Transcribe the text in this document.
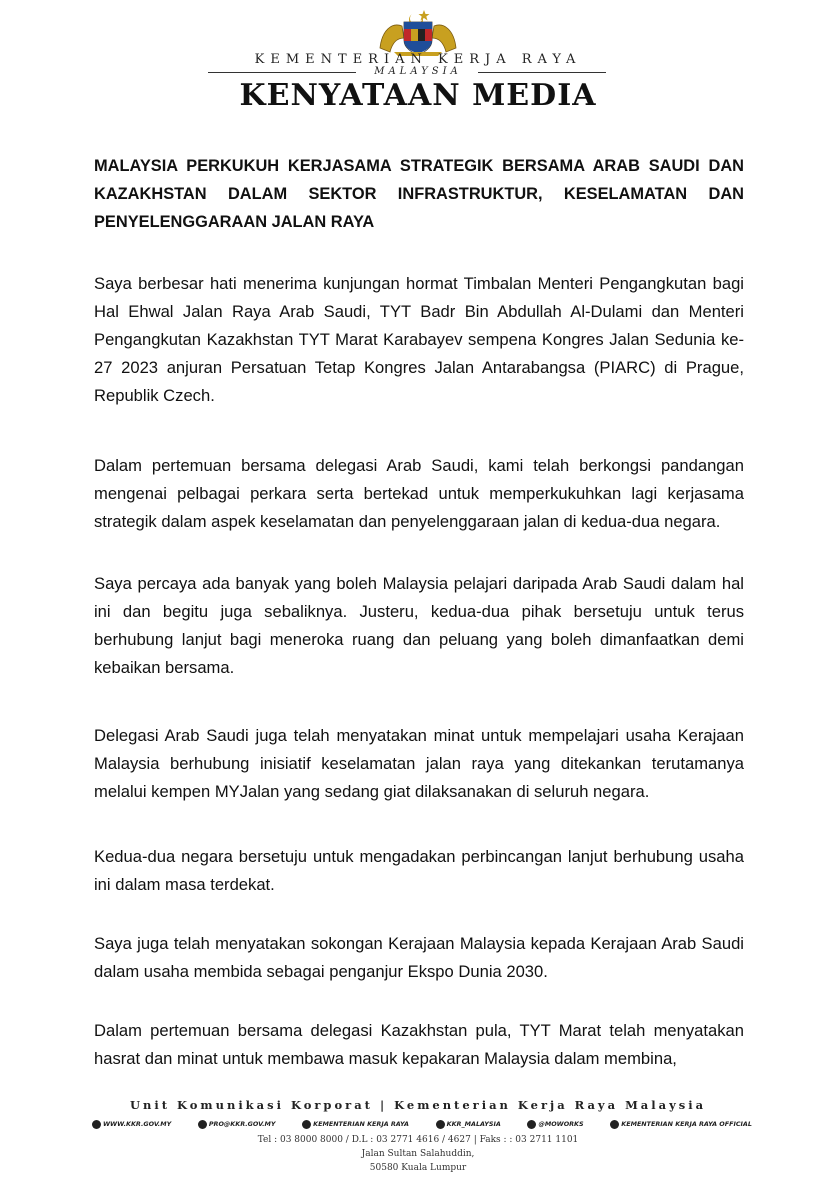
KEMENTERIAN KERJA RAYA
MALAYSIA
KENYATAAN MEDIA
MALAYSIA PERKUKUH KERJASAMA STRATEGIK BERSAMA ARAB SAUDI DAN KAZAKHSTAN DALAM SEKTOR INFRASTRUKTUR, KESELAMATAN DAN PENYELENGGARAAN JALAN RAYA

Saya berbesar hati menerima kunjungan hormat Timbalan Menteri Pengangkutan bagi Hal Ehwal Jalan Raya Arab Saudi, TYT Badr Bin Abdullah Al-Dulami dan Menteri Pengangkutan Kazakhstan TYT Marat Karabayev sempena Kongres Jalan Sedunia ke-27 2023 anjuran Persatuan Tetap Kongres Jalan Antarabangsa (PIARC) di Prague, Republik Czech.

Dalam pertemuan bersama delegasi Arab Saudi, kami telah berkongsi pandangan mengenai pelbagai perkara serta bertekad untuk memperkukuhkan lagi kerjasama strategik dalam aspek keselamatan dan penyelenggaraan jalan di kedua-dua negara.

Saya percaya ada banyak yang boleh Malaysia pelajari daripada Arab Saudi dalam hal ini dan begitu juga sebaliknya. Justeru, kedua-dua pihak bersetuju untuk terus berhubung lanjut bagi meneroka ruang dan peluang yang boleh dimanfaatkan demi kebaikan bersama.

Delegasi Arab Saudi juga telah menyatakan minat untuk mempelajari usaha Kerajaan Malaysia berhubung inisiatif keselamatan jalan raya yang ditekankan terutamanya melalui kempen MYJalan yang sedang giat dilaksanakan di seluruh negara.

Kedua-dua negara bersetuju untuk mengadakan perbincangan lanjut berhubung usaha ini dalam masa terdekat.

Saya juga telah menyatakan sokongan Kerajaan Malaysia kepada Kerajaan Arab Saudi dalam usaha membida sebagai penganjur Ekspo Dunia 2030.

Dalam pertemuan bersama delegasi Kazakhstan pula, TYT Marat telah menyatakan hasrat dan minat untuk membawa masuk kepakaran Malaysia dalam membina,

Unit Komunikasi Korporat | Kementerian Kerja Raya Malaysia
WWW.KKR.GOV.MY	PRO@KKR.GOV.MY	KEMENTERIAN KERJA RAYA	KKR_MALAYSIA	@MOWORKS	KEMENTERIAN KERJA RAYA OFFICIAL
Tel : 03 8000 8000 / D.L : 03 2771 4616 / 4627 | Faks : : 03 2711 1101
Jalan Sultan Salahuddin,
50580 Kuala Lumpur
